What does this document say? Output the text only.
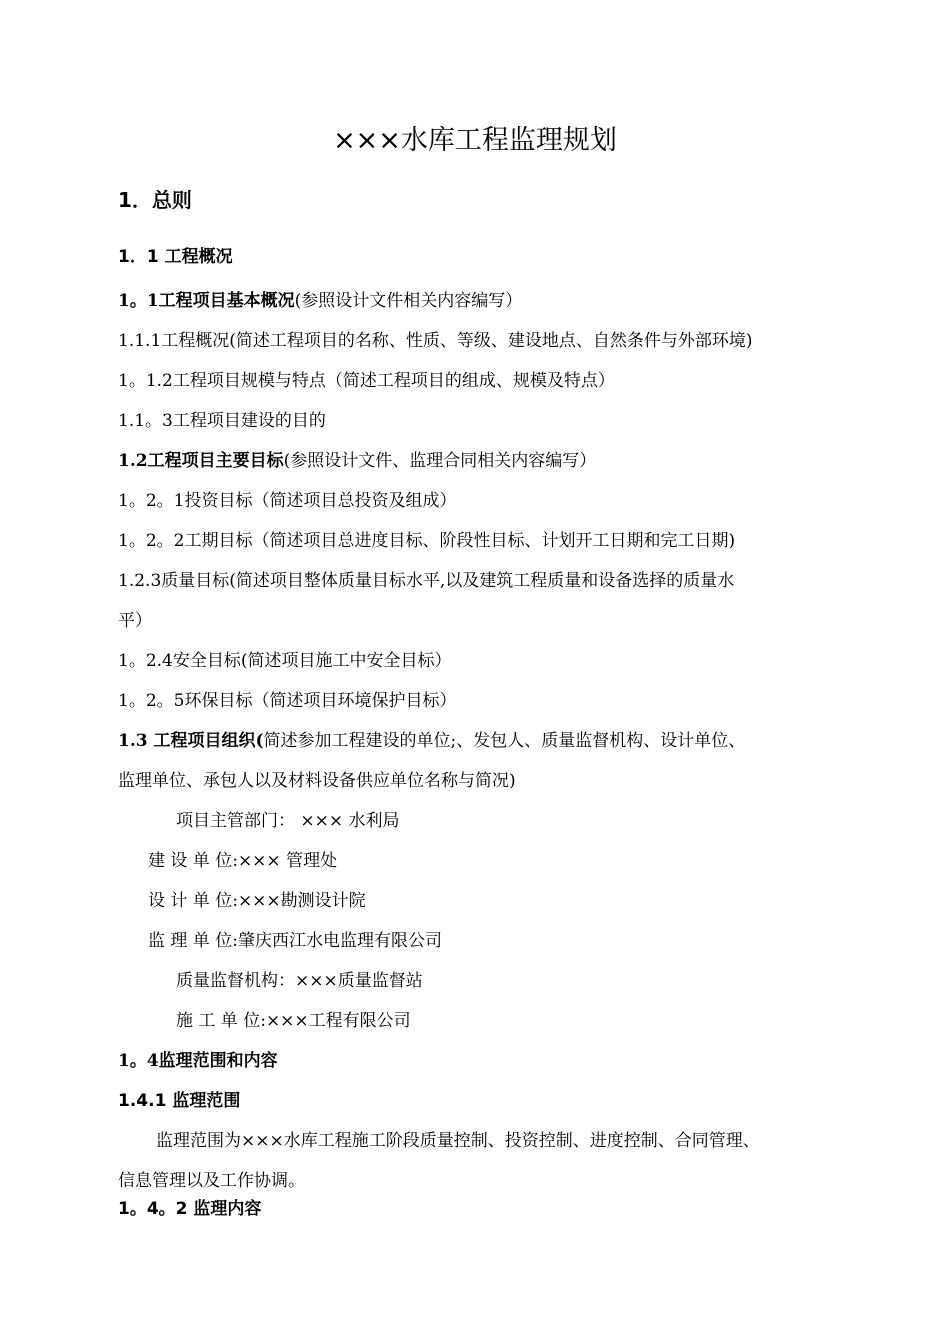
×××水库工程监理规划
1．总则
1．1 工程概况
1。1工程项目基本概况(参照设计文件相关内容编写）
1.1.1工程概况(简述工程项目的名称、性质、等级、建设地点、自然条件与外部环境)
1。1.2工程项目规模与特点（简述工程项目的组成、规模及特点）
1.1。3工程项目建设的目的
1.2工程项目主要目标(参照设计文件、监理合同相关内容编写）
1。2。1投资目标（简述项目总投资及组成）
1。2。2工期目标（简述项目总进度目标、阶段性目标、计划开工日期和完工日期)
1.2.3质量目标(简述项目整体质量目标水平,以及建筑工程质量和设备选择的质量水
平）
1。2.4安全目标(简述项目施工中安全目标）
1。2。5环保目标（简述项目环境保护目标）
1.3 工程项目组织(简述参加工程建设的单位;、发包人、质量监督机构、设计单位、
监理单位、承包人以及材料设备供应单位名称与简况)
项目主管部门： ××× 水利局
建 设 单 位:××× 管理处
设 计 单 位:×××勘测设计院
监 理 单 位:肇庆西江水电监理有限公司
质量监督机构：×××质量监督站
施 工 单 位:×××工程有限公司
1。4监理范围和内容
1.4.1 监理范围
监理范围为×××水库工程施工阶段质量控制、投资控制、进度控制、合同管理、
信息管理以及工作协调。
1。4。2 监理内容
